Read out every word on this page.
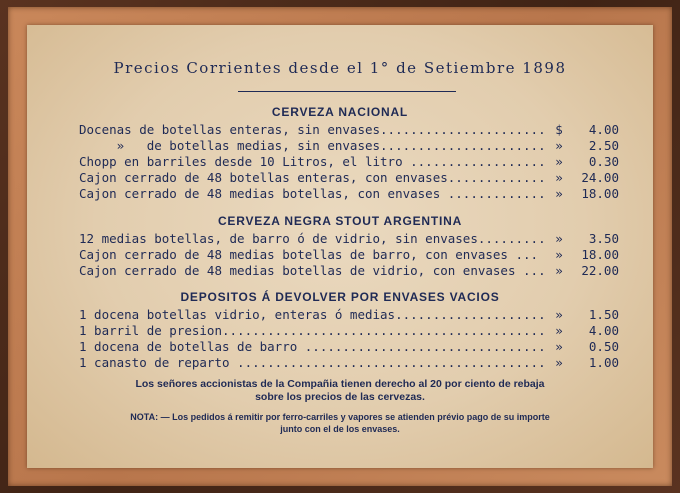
Precios Corrientes desde el 1° de Setiembre 1898
CERVEZA NACIONAL
Docenas de botellas enteras, sin envases...................... $ 4.00
»   de botellas medias, sin envases...................... » 2.50
Chopp en barriles desde 10 Litros, el litro .................. » 0.30
Cajon cerrado de 48 botellas enteras, con envases............. » 24.00
Cajon cerrado de 48 medias botellas, con envases ............. » 18.00
CERVEZA NEGRA STOUT ARGENTINA
12 medias botellas, de barro ó de vidrio, sin envases......... » 3.50
Cajon cerrado de 48 medias botellas de barro, con envases ... » 18.00
Cajon cerrado de 48 medias botellas de vidrio, con envases ... » 22.00
DEPOSITOS Á DEVOLVER POR ENVASES VACIOS
1 docena botellas vidrio, enteras ó medias.................... » 1.50
1 barril de presion........................................... » 4.00
1 docena de botellas de barro ................................ » 0.50
1 canasto de reparto ......................................... » 1.00
Los señores accionistas de la Compañia tienen derecho al 20 por ciento de rebaja
sobre los precios de las cervezas.
NOTA: — Los pedidos á remitir por ferro-carriles y vapores se atienden prévio pago de su importe
junto con el de los envases.
